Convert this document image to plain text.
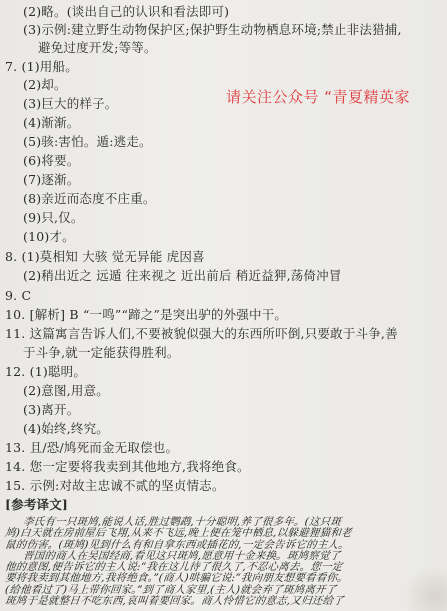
(2)略。(谈出自己的认识和看法即可)
(3)示例:建立野生动物保护区;保护野生动物栖息环境;禁止非法猎捕,
避免过度开发;等等。
7. (1)用船。
(2)却。
(3)巨大的样子。
(4)渐渐。
(5)骇:害怕。遁:逃走。
(6)将要。
(7)逐渐。
(8)亲近而态度不庄重。
(9)只,仅。
(10)才。
8. (1)莫相知 大骇 觉无异能 虎因喜
(2)稍出近之 远遁 往来视之 近出前后 稍近益狎,荡倚冲冒
9. C
10. [解析] B “一鸣”“蹄之”是突出驴的外强中干。
11. 这篇寓言告诉人们,不要被貌似强大的东西所吓倒,只要敢于斗争,善
于斗争,就一定能获得胜利。
12. (1)聪明。
(2)意图,用意。
(3)离开。
(4)始终,终究。
13. 且/恐/鸠死而金无取偿也。
14. 您一定要将我卖到其他地方,我将绝食。
15. 示例:对故主忠诚不贰的坚贞情志。
[参考译文]
李氏有一只斑鸠,能说人话,胜过鹦鹉,十分聪明,养了很多年。(这只斑
鸠)白天就在房前屋后飞翔,从来不飞远,晚上便在笼中栖息,以躲避狸猫和老
鼠的伤害。(斑鸠)见到什么有和自拿东西或插花的,一定会告诉它的主人。
晋国的商人在吴国经商,看见这只斑鸠,愿意用十金来换。斑鸠察觉了
他的意图,便告诉它的主人说:“我在这儿待了很久了,不忍心离去。您一定
要将我卖到其他地方,我将绝食。”(商人)哄骗它说:“我向朋友想要看看你。
(给他看过了)马上带你回家。”到了商人家里,(主人)就会弃了斑鸠离开了
斑鸠于是就整日不吃东西,哀叫着要回家。商人怜惜它的意志,又归还给了
请关注公众号 “青夏精英家
